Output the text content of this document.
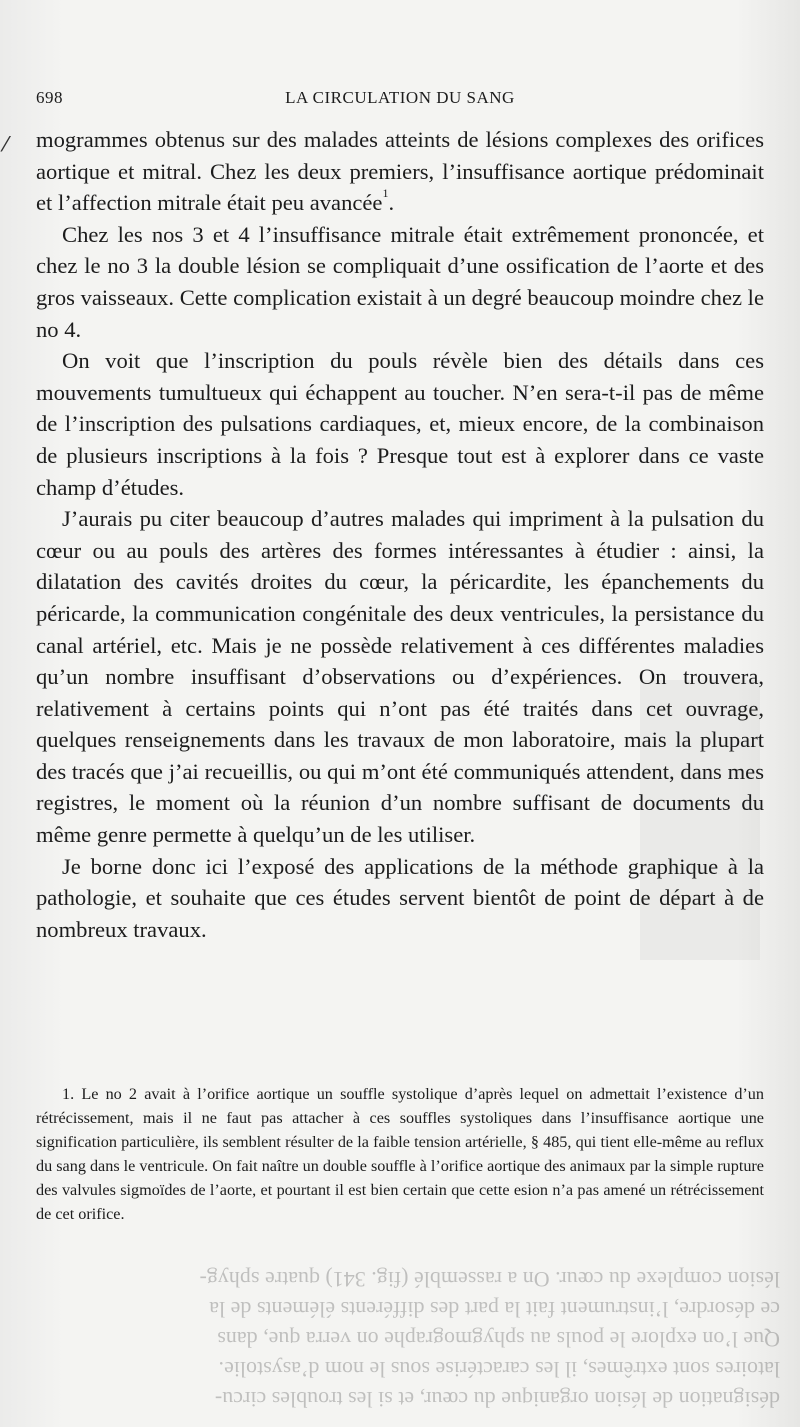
⁄
698	LA CIRCULATION DU SANG

mogrammes obtenus sur des malades atteints de lésions complexes des orifices aortique et mitral. Chez les deux premiers, l’insuffisance aortique prédominait et l’affection mitrale était peu avancée$^1$.

Chez les nos 3 et 4 l’insuffisance mitrale était extrêmement prononcée, et chez le no 3 la double lésion se compliquait d’une ossification de l’aorte et des gros vaisseaux. Cette complication existait à un degré beaucoup moindre chez le no 4.

On voit que l’inscription du pouls révèle bien des détails dans ces mouvements tumultueux qui échappent au toucher. N’en sera-t-il pas de même de l’inscription des pulsations cardiaques, et, mieux encore, de la combinaison de plusieurs inscriptions à la fois ? Presque tout est à explorer dans ce vaste champ d’études.

J’aurais pu citer beaucoup d’autres malades qui impriment à la pulsation du cœur ou au pouls des artères des formes intéressantes à étudier : ainsi, la dilatation des cavités droites du cœur, la péricardite, les épanchements du péricarde, la communication congénitale des deux ventricules, la persistance du canal artériel, etc. Mais je ne possède relativement à ces différentes maladies qu’un nombre insuffisant d’observations ou d’expériences. On trouvera, relativement à certains points qui n’ont pas été traités dans cet ouvrage, quelques renseignements dans les travaux de mon laboratoire, mais la plupart des tracés que j’ai recueillis, ou qui m’ont été communiqués attendent, dans mes registres, le moment où la réunion d’un nombre suffisant de documents du même genre permette à quelqu’un de les utiliser.

Je borne donc ici l’exposé des applications de la méthode graphique à la pathologie, et souhaite que ces études servent bientôt de point de départ à de nombreux travaux.

1. Le no 2 avait à l’orifice aortique un souffle systolique d’après lequel on admettait l’existence d’un rétrécissement, mais il ne faut pas attacher à ces souffles systoliques dans l’insuffisance aortique une signification particulière, ils semblent résulter de la faible tension artérielle, § 485, qui tient elle-même au reflux du sang dans le ventricule. On fait naître un double souffle à l’orifice aortique des animaux par la simple rupture des valvules sigmoïdes de l’aorte, et pourtant il est bien certain que cette esion n’a pas amené un rétrécissement de cet orifice.

désignation de lésion organique du cœur, et si les troubles circu-
latoires sont extrêmes, il les caractérise sous le nom d’asystolie.
Que l’on explore le pouls au sphygmographe on verra que, dans
ce désordre, l’instrument fait la part des différents éléments de la
lésion complexe du cœur. On a rassemblé (fig. 341) quatre sphyg-
